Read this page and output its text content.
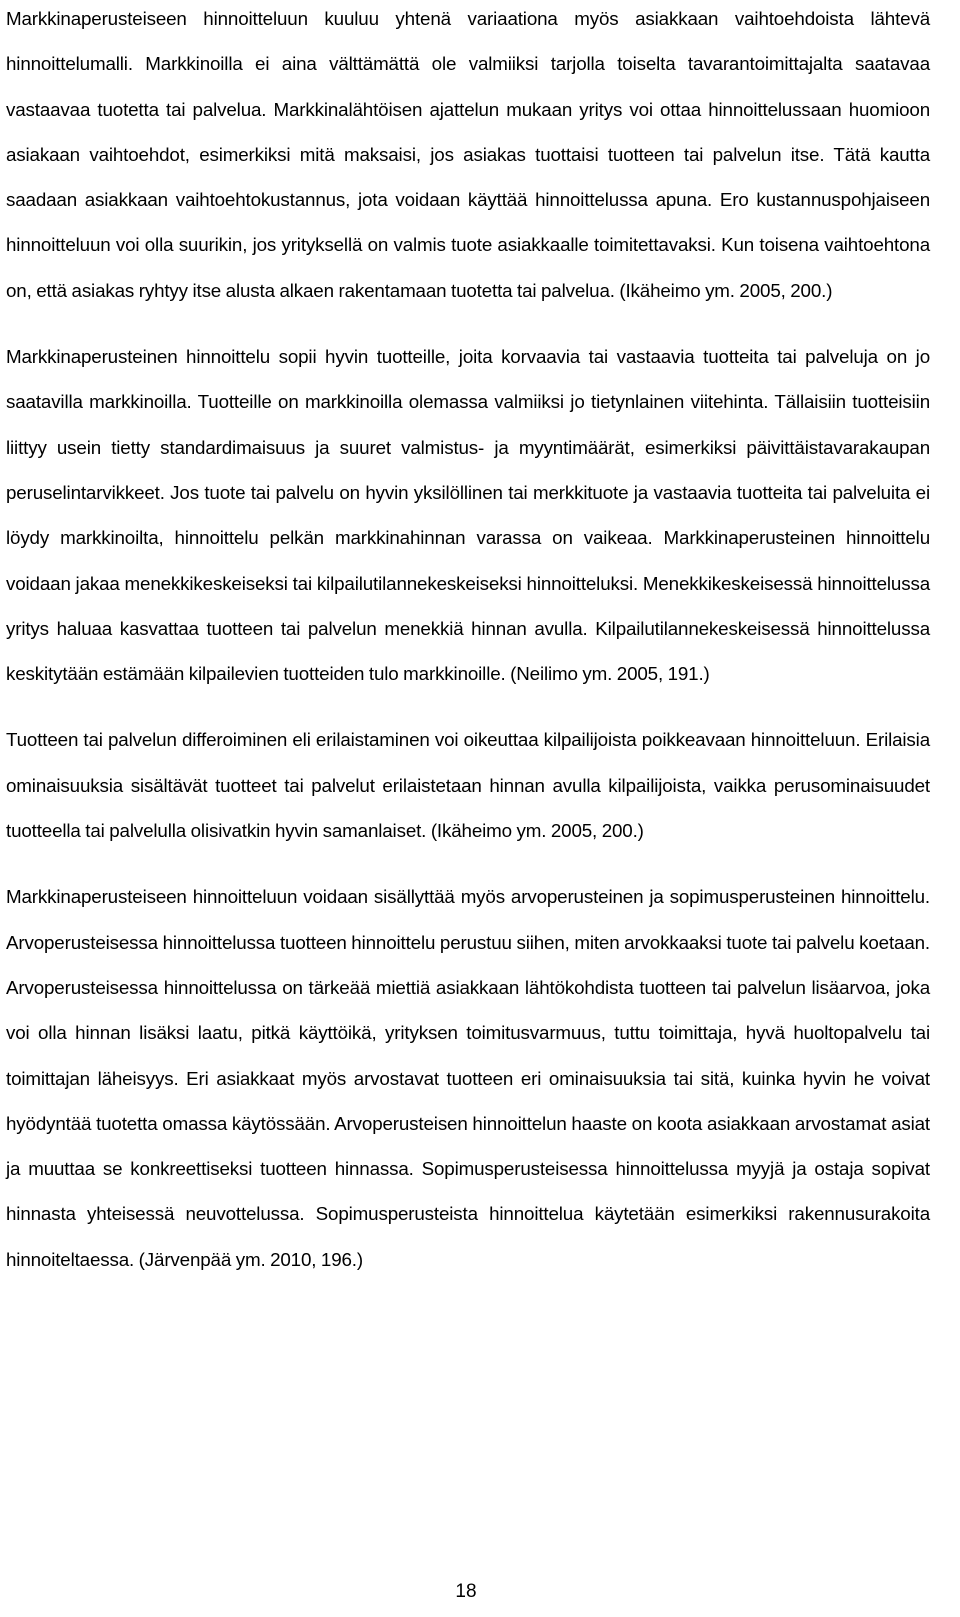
Markkinaperusteiseen hinnoitteluun kuuluu yhtenä variaationa myös asiakkaan vaihtoehdoista lähtevä hinnoittelumalli. Markkinoilla ei aina välttämättä ole valmiiksi tarjolla toiselta tavarantoimittajalta saatavaa vastaavaa tuotetta tai palvelua. Markkinalähtöisen ajattelun mukaan yritys voi ottaa hinnoittelussaan huomioon asiakaan vaihtoehdot, esimerkiksi mitä maksaisi, jos asiakas tuottaisi tuotteen tai palvelun itse. Tätä kautta saadaan asiakkaan vaihtoehtokustannus, jota voidaan käyttää hinnoittelussa apuna. Ero kustannuspohjaiseen hinnoitteluun voi olla suurikin, jos yrityksellä on valmis tuote asiakkaalle toimitettavaksi. Kun toisena vaihtoehtona on, että asiakas ryhtyy itse alusta alkaen rakentamaan tuotetta tai palvelua. (Ikäheimo ym. 2005, 200.)

Markkinaperusteinen hinnoittelu sopii hyvin tuotteille, joita korvaavia tai vastaavia tuotteita tai palveluja on jo saatavilla markkinoilla. Tuotteille on markkinoilla olemassa valmiiksi jo tietynlainen viitehinta. Tällaisiin tuotteisiin liittyy usein tietty standardimaisuus ja suuret valmistus- ja myyntimäärät, esimerkiksi päivittäistavarakaupan peruselintarvikkeet. Jos tuote tai palvelu on hyvin yksilöllinen tai merkkituote ja vastaavia tuotteita tai palveluita ei löydy markkinoilta, hinnoittelu pelkän markkinahinnan varassa on vaikeaa. Markkinaperusteinen hinnoittelu voidaan jakaa menekkikeskeiseksi tai kilpailutilannekeskeiseksi hinnoitteluksi. Menekkikeskeisessä hinnoittelussa yritys haluaa kasvattaa tuotteen tai palvelun menekkiä hinnan avulla. Kilpailutilannekeskeisessä hinnoittelussa keskitytään estämään kilpailevien tuotteiden tulo markkinoille. (Neilimo ym. 2005, 191.)

Tuotteen tai palvelun differoiminen eli erilaistaminen voi oikeuttaa kilpailijoista poikkeavaan hinnoitteluun. Erilaisia ominaisuuksia sisältävät tuotteet tai palvelut erilaistetaan hinnan avulla kilpailijoista, vaikka perusominaisuudet tuotteella tai palvelulla olisivatkin hyvin samanlaiset. (Ikäheimo ym. 2005, 200.)

Markkinaperusteiseen hinnoitteluun voidaan sisällyttää myös arvoperusteinen ja sopimusperusteinen hinnoittelu. Arvoperusteisessa hinnoittelussa tuotteen hinnoittelu perustuu siihen, miten arvokkaaksi tuote tai palvelu koetaan. Arvoperusteisessa hinnoittelussa on tärkeää miettiä asiakkaan lähtökohdista tuotteen tai palvelun lisäarvoa, joka voi olla hinnan lisäksi laatu, pitkä käyttöikä, yrityksen toimitusvarmuus, tuttu toimittaja, hyvä huoltopalvelu tai toimittajan läheisyys. Eri asiakkaat myös arvostavat tuotteen eri ominaisuuksia tai sitä, kuinka hyvin he voivat hyödyntää tuotetta omassa käytössään. Arvoperusteisen hinnoittelun haaste on koota asiakkaan arvostamat asiat ja muuttaa se konkreettiseksi tuotteen hinnassa. Sopimusperusteisessa hinnoittelussa myyjä ja ostaja sopivat hinnasta yhteisessä neuvottelussa. Sopimusperusteista hinnoittelua käytetään esimerkiksi rakennusurakoita hinnoiteltaessa. (Järvenpää ym. 2010, 196.)

18
